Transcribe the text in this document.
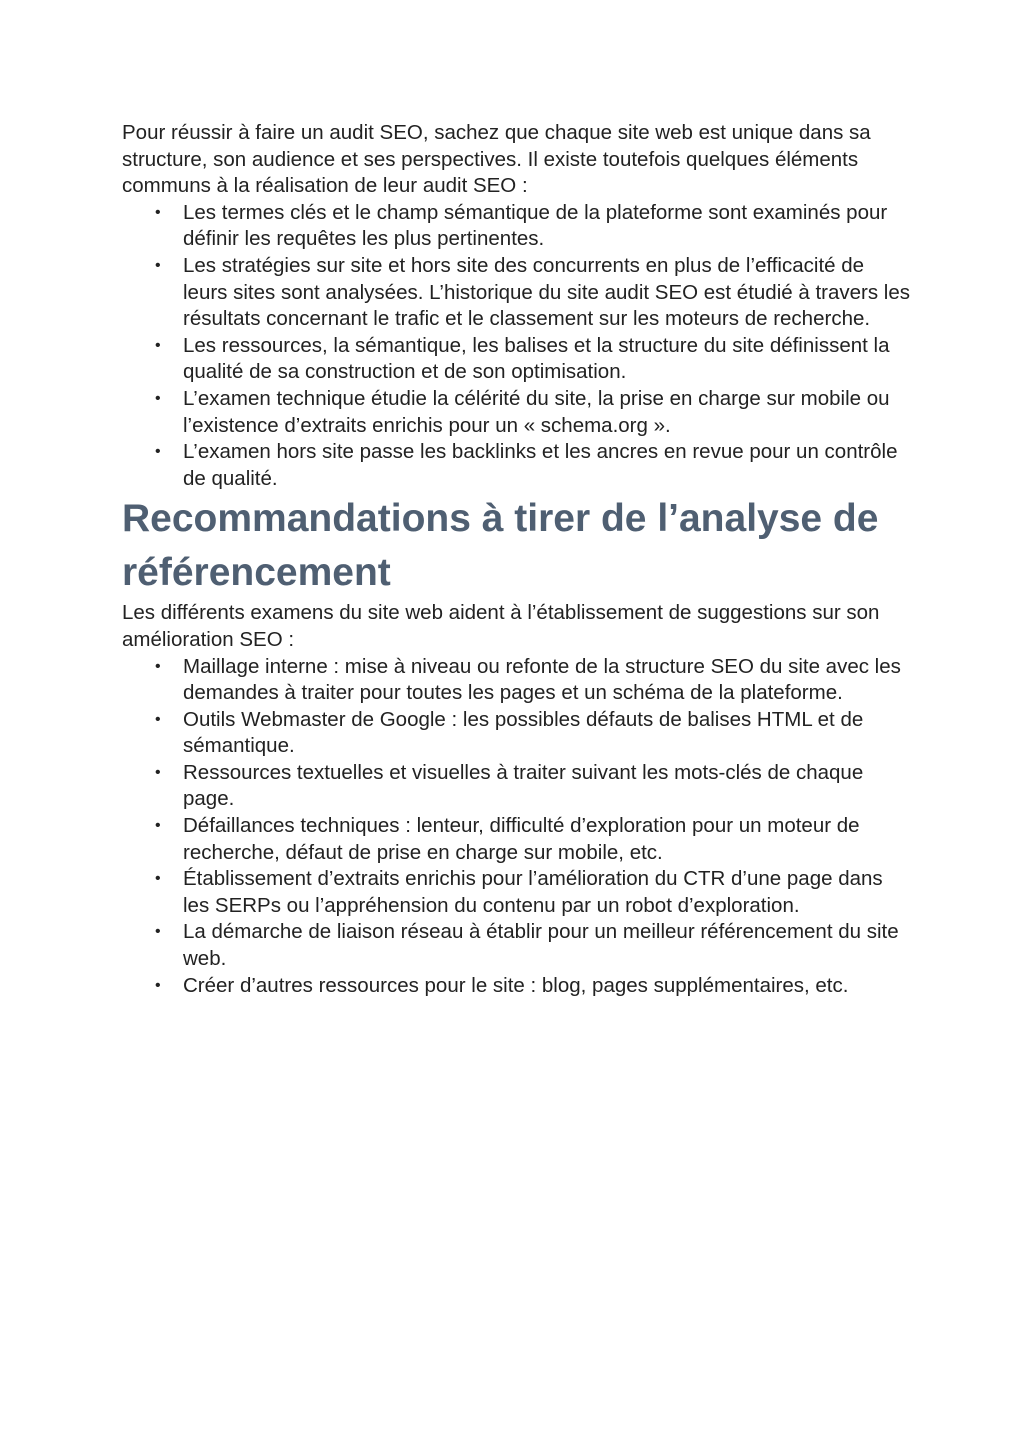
Pour réussir à faire un audit SEO, sachez que chaque site web est unique dans sa structure, son audience et ses perspectives. Il existe toutefois quelques éléments communs à la réalisation de leur audit SEO :

• Les termes clés et le champ sémantique de la plateforme sont examinés pour définir les requêtes les plus pertinentes.
• Les stratégies sur site et hors site des concurrents en plus de l’efficacité de leurs sites sont analysées. L’historique du site audit SEO est étudié à travers les résultats concernant le trafic et le classement sur les moteurs de recherche.
• Les ressources, la sémantique, les balises et la structure du site définissent la qualité de sa construction et de son optimisation.
• L’examen technique étudie la célérité du site, la prise en charge sur mobile ou l’existence d’extraits enrichis pour un « schema.org ».
• L’examen hors site passe les backlinks et les ancres en revue pour un contrôle de qualité.
Recommandations à tirer de l’analyse de référencement

Les différents examens du site web aident à l’établissement de suggestions sur son amélioration SEO :

• Maillage interne : mise à niveau ou refonte de la structure SEO du site avec les demandes à traiter pour toutes les pages et un schéma de la plateforme.
• Outils Webmaster de Google : les possibles défauts de balises HTML et de sémantique.
• Ressources textuelles et visuelles à traiter suivant les mots-clés de chaque page.
• Défaillances techniques : lenteur, difficulté d’exploration pour un moteur de recherche, défaut de prise en charge sur mobile, etc.
• Établissement d’extraits enrichis pour l’amélioration du CTR d’une page dans les SERPs ou l’appréhension du contenu par un robot d’exploration.
• La démarche de liaison réseau à établir pour un meilleur référencement du site web.
• Créer d’autres ressources pour le site : blog, pages supplémentaires, etc.
